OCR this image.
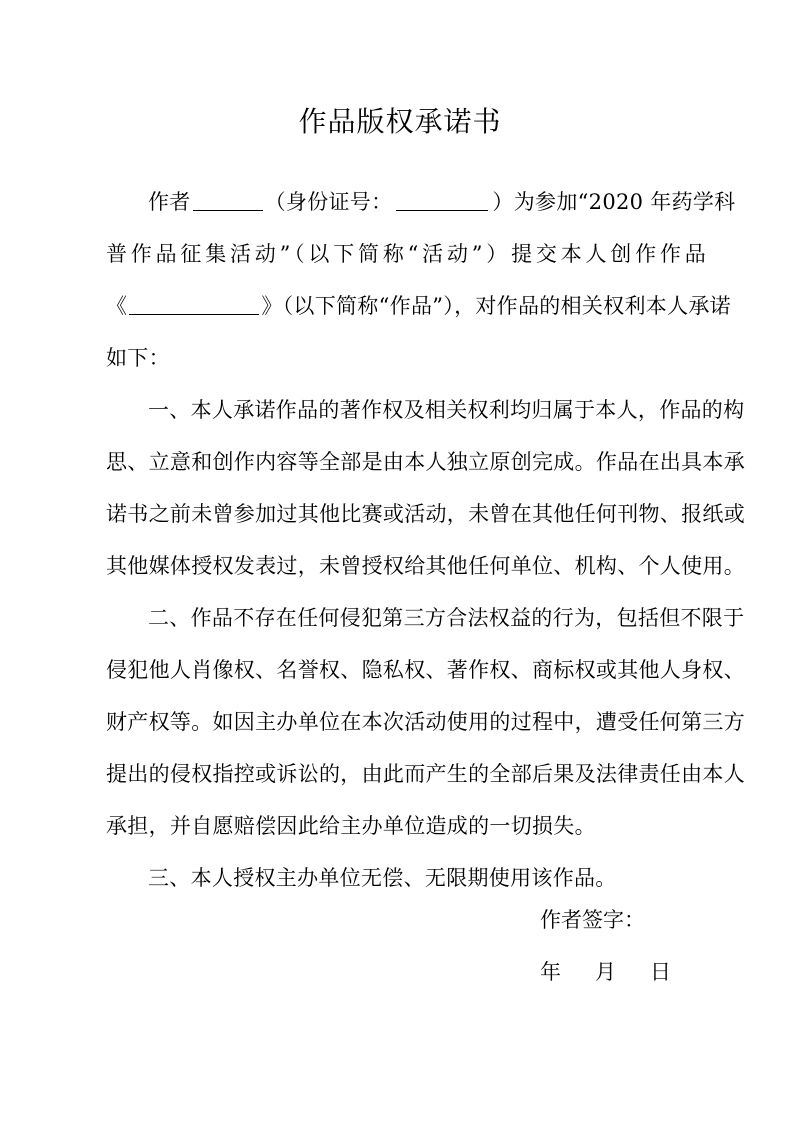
作品版权承诺书
作者	（身份证号：	）为参加“2020 年药学科
普作品征集活动”（以下简称“活动”）提交本人创作作品
《	》（以下简称“作品”），对作品的相关权利本人承诺
如下：
一、本人承诺作品的著作权及相关权利均归属于本人，作品的构
思、立意和创作内容等全部是由本人独立原创完成。作品在出具本承
诺书之前未曾参加过其他比赛或活动，未曾在其他任何刊物、报纸或
其他媒体授权发表过，未曾授权给其他任何单位、机构、个人使用。
二、作品不存在任何侵犯第三方合法权益的行为，包括但不限于
侵犯他人肖像权、名誉权、隐私权、著作权、商标权或其他人身权、
财产权等。如因主办单位在本次活动使用的过程中，遭受任何第三方
提出的侵权指控或诉讼的，由此而产生的全部后果及法律责任由本人
承担，并自愿赔偿因此给主办单位造成的一切损失。
三、本人授权主办单位无偿、无限期使用该作品。
作者签字：
年 月 日
